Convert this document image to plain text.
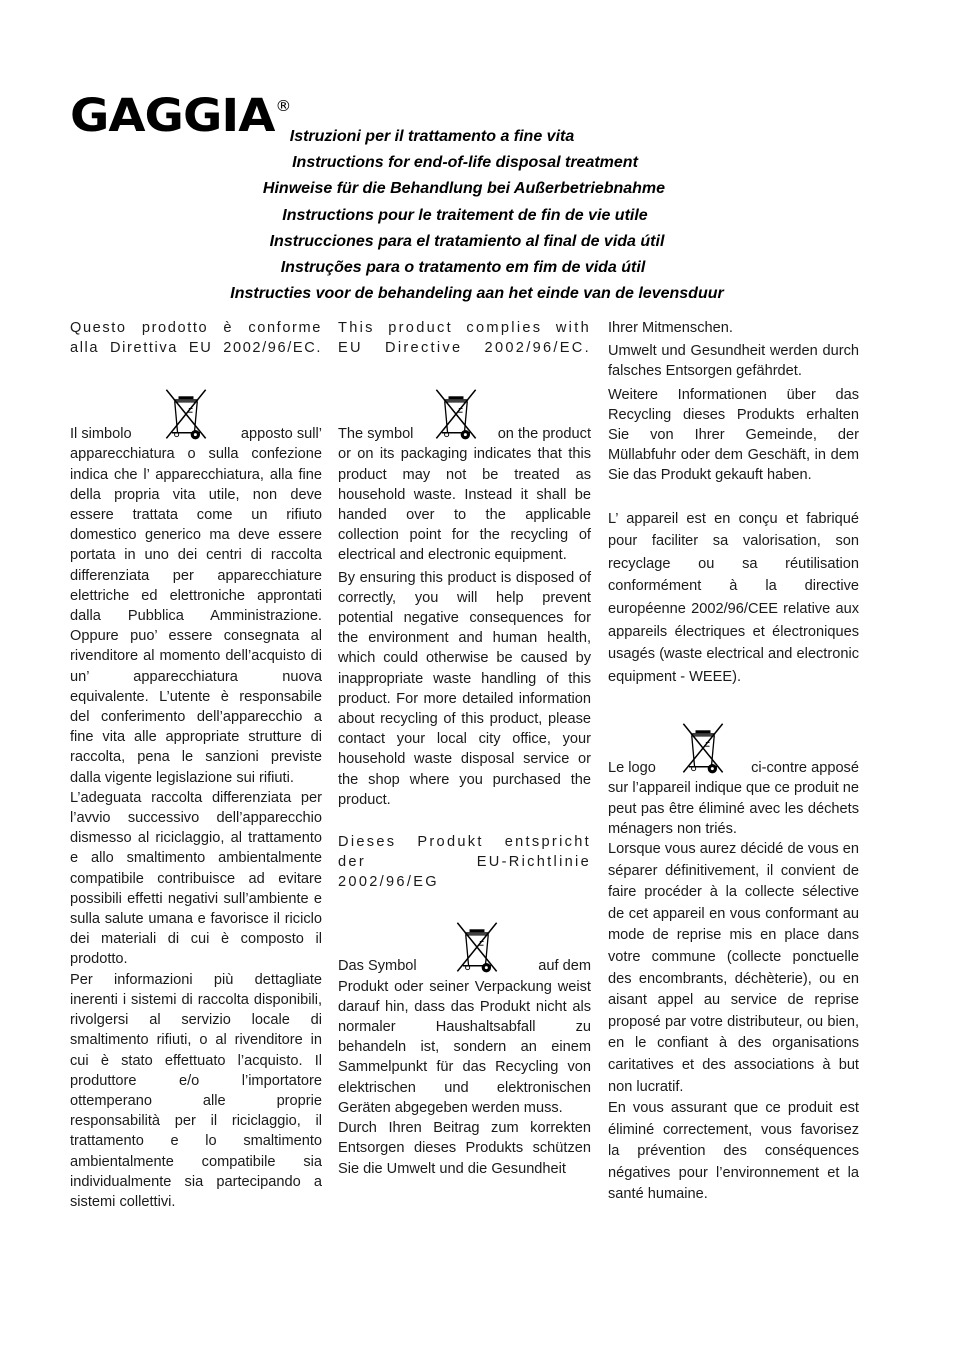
GAGGIA®
Istruzioni per il trattamento a fine vita
Instructions for end-of-life disposal treatment
Hinweise für die Behandlung bei Außerbetriebnahme
Instructions pour le traitement de fin de vie utile
Instrucciones para el tratamiento al final de vida útil
Instruções para o tratamento em fim de vida útil
Instructies voor de behandeling aan het einde van de levensduur

Questo prodotto è conforme alla Direttiva EU 2002/96/EC.

Il simbolo	apposto sull’

apparecchiatura o sulla confezione indica che l’ apparecchiatura, alla fine della propria vita utile, non deve essere trattata come un rifiuto domestico generico ma deve essere portata in uno dei centri di raccolta differenziata per apparecchiature elettriche ed elettroniche approntati dalla Pubblica Amministrazione. Oppure puo’ essere consegnata al rivenditore al momento dell’acquisto di un’ apparecchiatura nuova equivalente. L’utente è responsabile del conferimento dell’apparecchio a fine vita alle appropriate strutture di raccolta, pena le sanzioni previste dalla vigente legislazione sui rifiuti.

L’adeguata raccolta differenziata per l’avvio successivo dell’apparecchio dismesso al riciclaggio, al trattamento e allo smaltimento ambientalmente compatibile contribuisce ad evitare possibili effetti negativi sull’ambiente e sulla salute umana e favorisce il riciclo dei materiali di cui è composto il prodotto.

Per informazioni più dettagliate inerenti i sistemi di raccolta disponibili, rivolgersi al servizio locale di smaltimento rifiuti, o al rivenditore in cui è stato effettuato l’acquisto. Il produttore e/o l’importatore ottemperano alle proprie responsabilità per il riciclaggio, il trattamento e lo smaltimento ambientalmente compatibile sia individualmente sia partecipando a sistemi collettivi.

This product complies with EU Directive 2002/96/EC.

The symbol	on the product

or on its packaging indicates that this product may not be treated as household waste. Instead it shall be handed over to the applicable collection point for the recycling of electrical and electronic equipment.

By ensuring this product is disposed of correctly, you will help prevent potential negative consequences for the environment and human health, which could otherwise be caused by inappropriate waste handling of this product. For more detailed information about recycling of this product, please contact your local city office, your household waste disposal service or the shop where you purchased the product.

Dieses Produkt entspricht der EU-Richtlinie 2002/96/EG

Das Symbol	auf dem

Produkt oder seiner Verpackung weist darauf hin, dass das Produkt nicht als normaler Haushaltsabfall zu behandeln ist, sondern an einem Sammelpunkt für das Recycling von elektrischen und elektronischen Geräten abgegeben werden muss.

Durch Ihren Beitrag zum korrekten Entsorgen dieses Produkts schützen Sie die Umwelt und die Gesundheit

Ihrer Mitmenschen.

Umwelt und Gesundheit werden durch falsches Entsorgen gefährdet.

Weitere Informationen über das Recycling dieses Produkts erhalten Sie von Ihrer Gemeinde, der Müllabfuhr oder dem Geschäft, in dem Sie das Produkt gekauft haben.

L’ appareil est en conçu et fabriqué pour faciliter sa valorisation, son recyclage ou sa réutilisation conformément à la directive européenne 2002/96/CEE relative aux appareils électriques et électroniques usagés (waste electrical and electronic equipment - WEEE).

Le logo	ci-contre apposé

sur l’appareil indique que ce produit ne peut pas être éliminé avec les déchets ménagers non triés.

Lorsque vous aurez décidé de vous en séparer définitivement, il convient de faire procéder à la collecte sélective de cet appareil en vous conformant au mode de reprise mis en place dans votre commune (collecte ponctuelle des encombrants, déchèterie), ou en aisant appel au service de reprise proposé par votre distributeur, ou bien, en le confiant à des organisations caritatives et des associations à but non lucratif.

En vous assurant que ce produit est éliminé correctement, vous favorisez la prévention des conséquences négatives pour l’environnement et la santé humaine.
